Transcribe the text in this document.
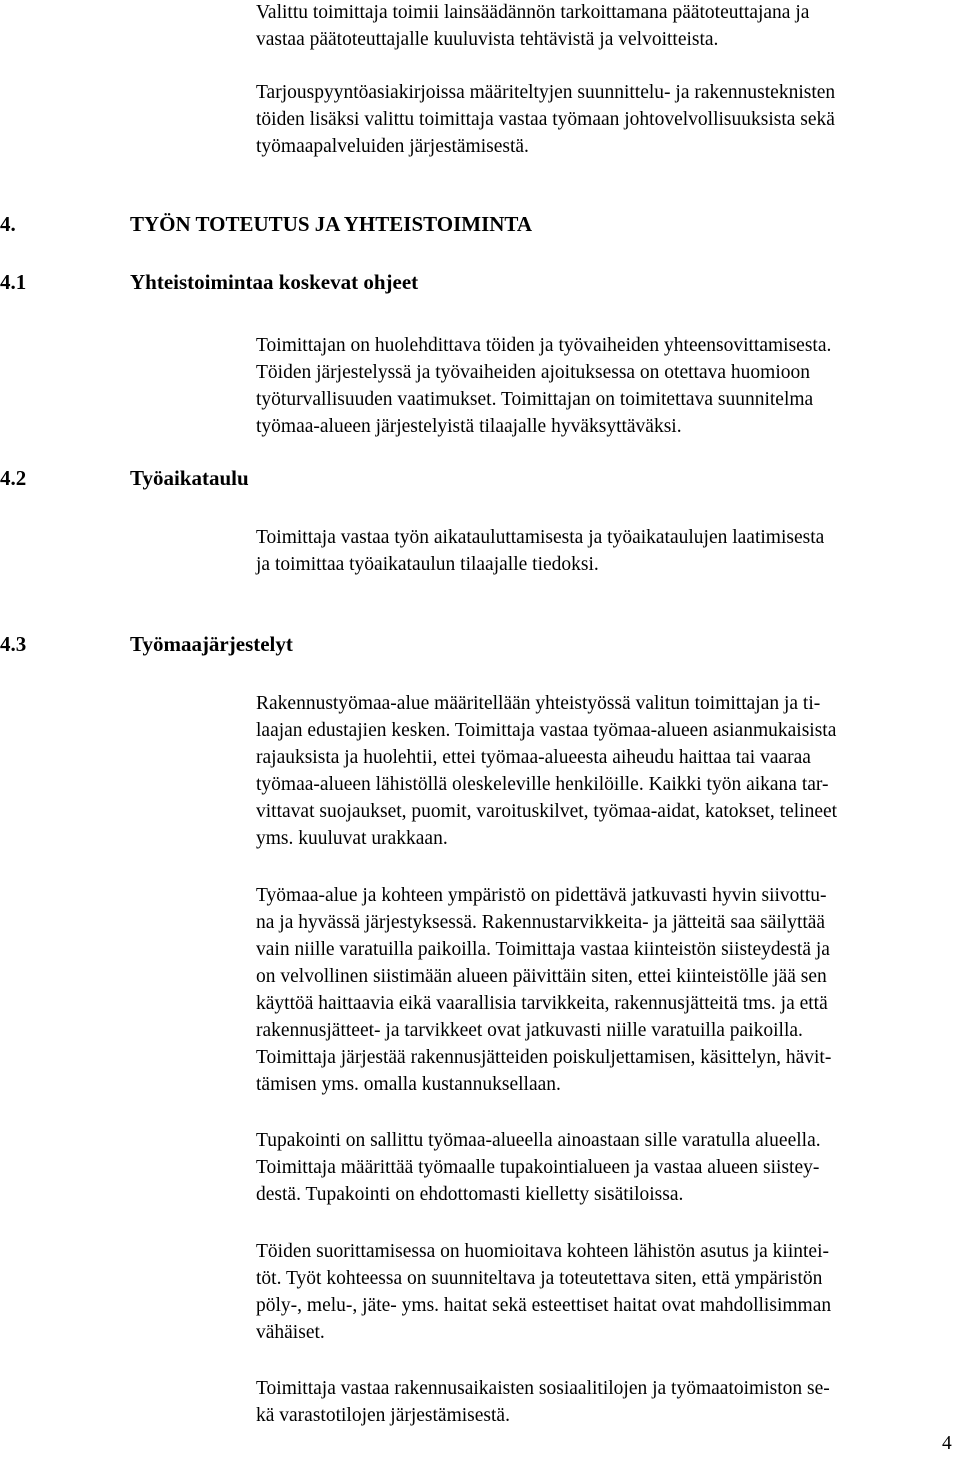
Valittu toimittaja toimii lainsäädännön tarkoittamana päätoteuttajana ja
vastaa päätoteuttajalle kuuluvista tehtävistä ja velvoitteista.
Tarjouspyyntöasiakirjoissa määriteltyjen suunnittelu- ja rakennusteknisten
töiden lisäksi valittu toimittaja vastaa työmaan johtovelvollisuuksista sekä
työmaapalveluiden järjestämisestä.
4.	TYÖN TOTEUTUS JA YHTEISTOIMINTA
4.1	Yhteistoimintaa koskevat ohjeet
Toimittajan on huolehdittava töiden ja työvaiheiden yhteensovittamisesta.
Töiden järjestelyssä ja työvaiheiden ajoituksessa on otettava huomioon
työturvallisuuden vaatimukset. Toimittajan on toimitettava suunnitelma
työmaa-alueen järjestelyistä tilaajalle hyväksyttäväksi.
4.2	Työaikataulu
Toimittaja vastaa työn aikatauluttamisesta ja työaikataulujen laatimisesta
ja toimittaa työaikataulun tilaajalle tiedoksi.
4.3	Työmaajärjestelyt
Rakennustyömaa-alue määritellään yhteistyössä valitun toimittajan ja ti-
laajan edustajien kesken. Toimittaja vastaa työmaa-alueen asianmukaisista
rajauksista ja huolehtii, ettei työmaa-alueesta aiheudu haittaa tai vaaraa
työmaa-alueen lähistöllä oleskeleville henkilöille. Kaikki työn aikana tar-
vittavat suojaukset, puomit, varoituskilvet, työmaa-aidat, katokset, telineet
yms. kuuluvat urakkaan.
Työmaa-alue ja kohteen ympäristö on pidettävä jatkuvasti hyvin siivottu-
na ja hyvässä järjestyksessä. Rakennustarvikkeita- ja jätteitä saa säilyttää
vain niille varatuilla paikoilla. Toimittaja vastaa kiinteistön siisteydestä ja
on velvollinen siistimään alueen päivittäin siten, ettei kiinteistölle jää sen
käyttöä haittaavia eikä vaarallisia tarvikkeita, rakennusjätteitä tms. ja että
rakennusjätteet- ja tarvikkeet ovat jatkuvasti niille varatuilla paikoilla.
Toimittaja järjestää rakennusjätteiden poiskuljettamisen, käsittelyn, hävit-
tämisen yms. omalla kustannuksellaan.
Tupakointi on sallittu työmaa-alueella ainoastaan sille varatulla alueella.
Toimittaja määrittää työmaalle tupakointialueen ja vastaa alueen siistey-
destä. Tupakointi on ehdottomasti kielletty sisätiloissa.
Töiden suorittamisessa on huomioitava kohteen lähistön asutus ja kiintei-
töt. Työt kohteessa on suunniteltava ja toteutettava siten, että ympäristön
pöly-, melu-, jäte- yms. haitat sekä esteettiset haitat ovat mahdollisimman
vähäiset.
Toimittaja vastaa rakennusaikaisten sosiaalitilojen ja työmaatoimiston se-
kä varastotilojen järjestämisestä.
4
